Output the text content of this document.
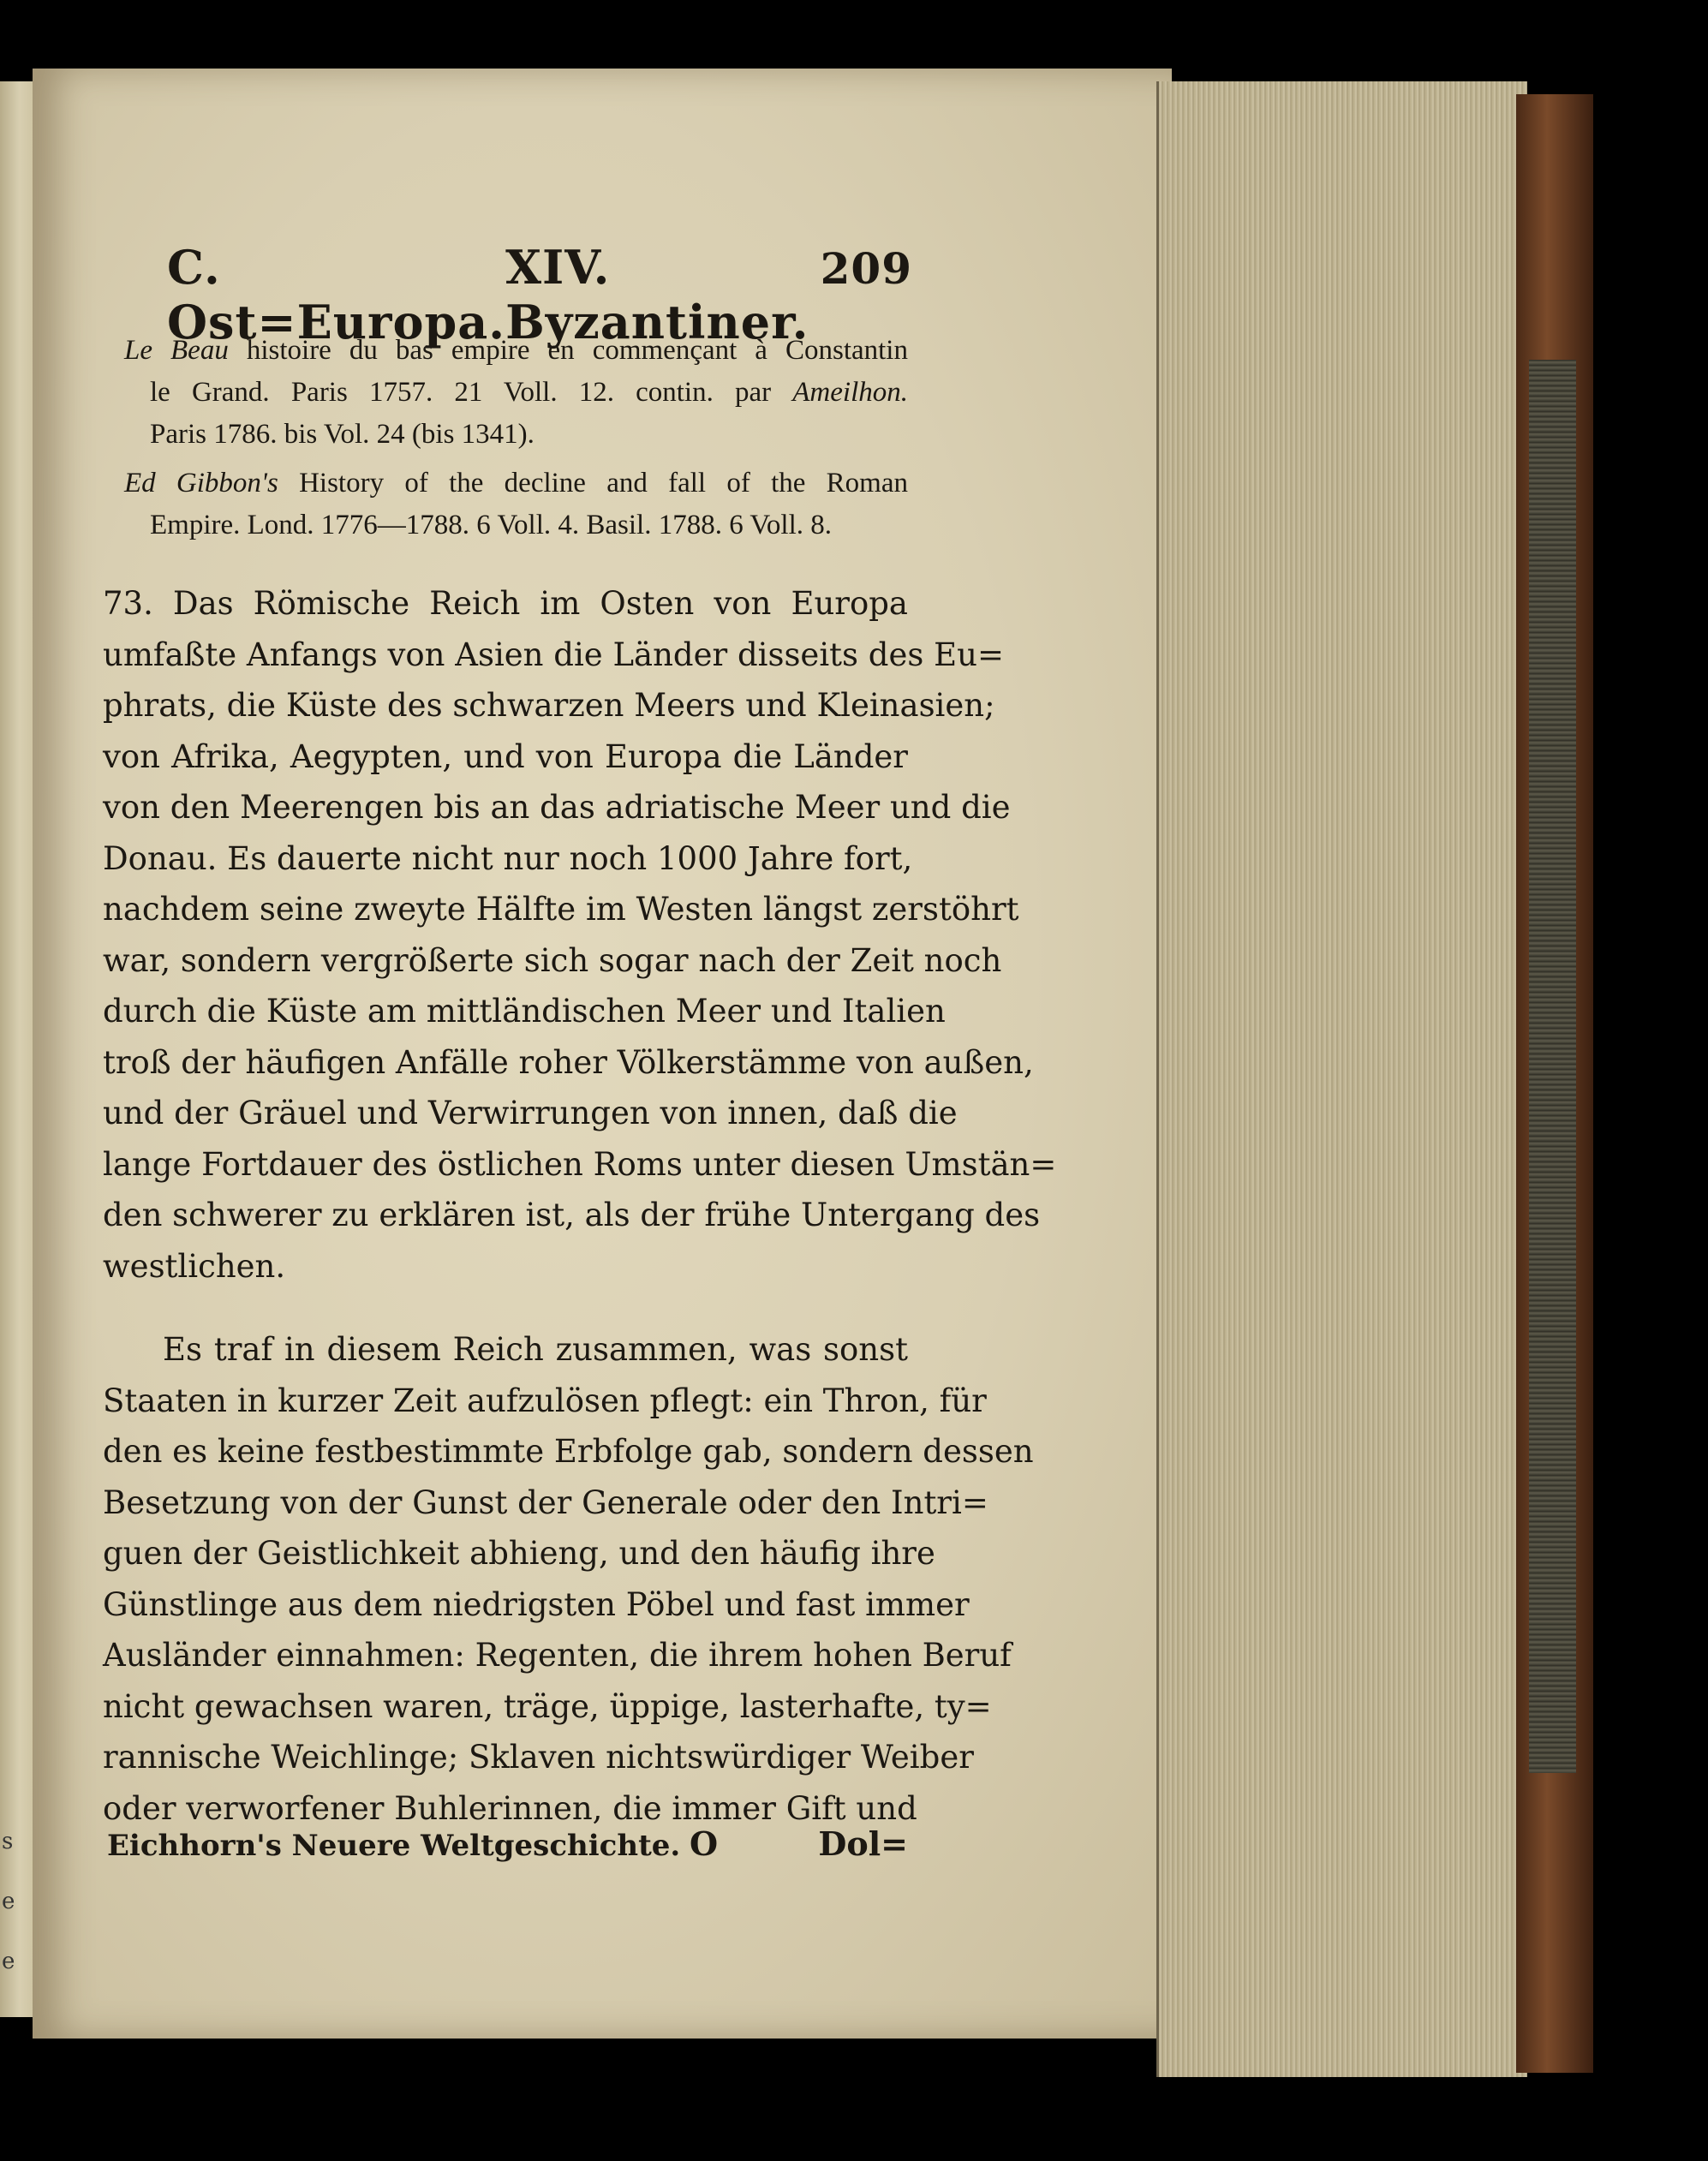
s
e
e
C. Ost=Europa.
XIV. Byzantiner.
209
Le Beau histoire du bas empire en commençant à Constantin
le Grand. Paris 1757. 21 Voll. 12. contin. par Ameilhon.
Paris 1786. bis Vol. 24 (bis 1341).
Ed Gibbon's History of the decline and fall of the Roman
Empire. Lond. 1776—1788. 6 Voll. 4. Basil. 1788. 6 Voll. 8.
73. Das Römische Reich im Osten von Europa
umfaßte Anfangs von Asien die Länder disseits des Eu=
phrats, die Küste des schwarzen Meers und Kleinasien;
von Afrika, Aegypten, und von Europa die Länder
von den Meerengen bis an das adriatische Meer und die
Donau. Es dauerte nicht nur noch 1000 Jahre fort,
nachdem seine zweyte Hälfte im Westen längst zerstöhrt
war, sondern vergrößerte sich sogar nach der Zeit noch
durch die Küste am mittländischen Meer und Italien
troß der häufigen Anfälle roher Völkerstämme von außen,
und der Gräuel und Verwirrungen von innen, daß die
lange Fortdauer des östlichen Roms unter diesen Umstän=
den schwerer zu erklären ist, als der frühe Untergang des
westlichen.
Es traf in diesem Reich zusammen, was sonst
Staaten in kurzer Zeit aufzulösen pflegt: ein Thron, für
den es keine festbestimmte Erbfolge gab, sondern dessen
Besetzung von der Gunst der Generale oder den Intri=
guen der Geistlichkeit abhieng, und den häufig ihre
Günstlinge aus dem niedrigsten Pöbel und fast immer
Ausländer einnahmen: Regenten, die ihrem hohen Beruf
nicht gewachsen waren, träge, üppige, lasterhafte, ty=
rannische Weichlinge; Sklaven nichtswürdiger Weiber
oder verworfener Buhlerinnen, die immer Gift und
Eichhorn's Neuere Weltgeschichte. O	Dol=
